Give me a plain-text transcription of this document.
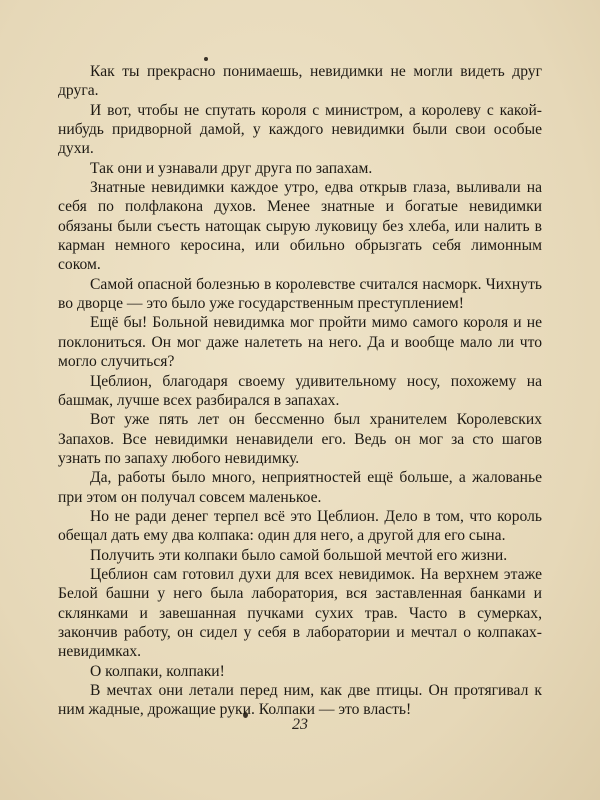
Как ты прекрасно понимаешь, невидимки не могли видеть друг друга.

И вот, чтобы не спутать короля с министром, а королеву с какой-нибудь придворной дамой, у каждого невидимки были свои особые духи.

Так они и узнавали друг друга по запахам.

Знатные невидимки каждое утро, едва открыв глаза, выливали на себя по полфлакона духов. Менее знатные и богатые невидимки обязаны были съесть натощак сырую луковицу без хлеба, или налить в карман немного керосина, или обильно обрызгать себя лимонным соком.

Самой опасной болезнью в королевстве считался насморк. Чихнуть во дворце — это было уже государственным преступлением!

Ещё бы! Больной невидимка мог пройти мимо самого короля и не поклониться. Он мог даже налететь на него. Да и вообще мало ли что могло случиться?

Цеблион, благодаря своему удивительному носу, похожему на башмак, лучше всех разбирался в запахах.

Вот уже пять лет он бессменно был хранителем Королевских Запахов. Все невидимки ненавидели его. Ведь он мог за сто шагов узнать по запаху любого невидимку.

Да, работы было много, неприятностей ещё больше, а жалованье при этом он получал совсем маленькое.

Но не ради денег терпел всё это Цеблион. Дело в том, что король обещал дать ему два колпака: один для него, а другой для его сына.

Получить эти колпаки было самой большой мечтой его жизни.

Цеблион сам готовил духи для всех невидимок. На верхнем этаже Белой башни у него была лаборатория, вся заставленная банками и склянками и завешанная пучками сухих трав. Часто в сумерках, закончив работу, он сидел у себя в лаборатории и мечтал о колпаках-невидимках.

О колпаки, колпаки!

В мечтах они летали перед ним, как две птицы. Он протягивал к ним жадные, дрожащие руки. Колпаки — это власть!

23
